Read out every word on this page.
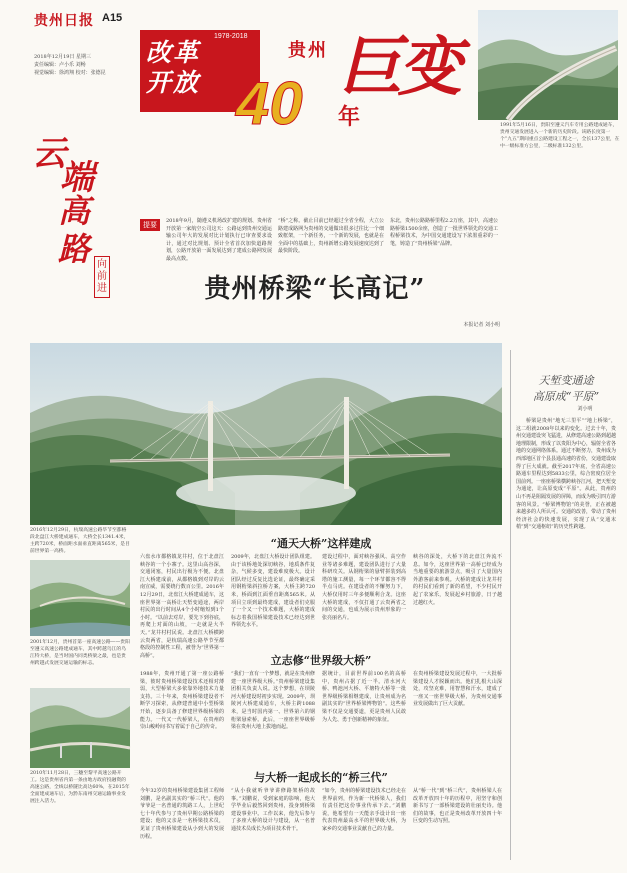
贵州日报 A15
2018年12月19日 星期三
责任编辑：卢小乐 刘畅
视觉编辑：徐鸿翔 校对：张德昆
1978-2018
改革开放 40 年
贵州 巨变
1991年5月16日，贵阳至遵义汽车专用公路建成通车，贵州交通发展进入一个新的历史阶段。该路长度第一个“九五”期间重点公路建设工程之一，全长137公里，在中一级标准方公里，二级标准132公里。
云
端
高
路 向前进
提要	2018年9月，随遵义机场改扩建的规划、贵州省开放第一家航空公司这天：公路运到贵州交通运输公司年大的发展对比计划执行已审查要求设计，通过对比规划、预计全省首次加快道路规划，公路开放第一面发展达到了建成公路网发展最高点数。
“桥”之称。截止目前已经超过全省全程，大立公路建成路网为贵州的交通做出很多过往比一个细致框架，一个新任务，一个新的发展，也就是在全面中的基础上，贵州新增公路发展速度达到了最快阶段。
东北，贵州公路路桥里程2.2万座，其中，高速公路桥梁1500余座，创造了一批世界领先的交通工程桥梁技术，为中国交通建设写下浓墨重彩的一笔，铸造了“贵州桥梁”品牌。
贵州桥梁“长高记”
本报记者 刘小明
2016年12月29日，杭瑞高速公路毕节至都格段北盘江大桥建成通车，大桥全长1341.4米，主跨720米，桥面距水面垂直距离565米，是目前世界第一高桥。
2001年12月，贵州首第一座高速公路——贵阳至遵义高速公路建成通车，其中跨越乌江的乌江特大桥，是当时国内同类桥梁之最，也是贵州跨越式发展交通运输的标志。
2010年11月28日，三穗至黎平高速公路开工。这是贵州省内第一条由地方政府投融资的高速公路，全线以桥隧比高达60%，在2015年全面建成通车后，为黔东南州交通运输事业发展注入活力。
天堑变通途
高原成“平原”
刘小明
桥梁是贵州“地无三里平”“地上桥梁”，这二组就2008年以来的变化。过去十年，贵州交通建设突飞猛进，从修建高速公路到超越地理限制，形成了以贵阳为中心，辐射全省各地的交通网络体系。通过不断努力，贵州成为西部地区首个县县通高速的省份，交通建设取得了巨大成就。截至2017年底，全省高速公路通车里程达到5833公里，综合密度位居全国前列。一座座桥梁横跨峡谷江河，把天堑变为通途，让高原变成“平原”。从此，贵州的山不再是阻隔发展的屏障，而成为吸引四方游客的风景。“桥梁博物馆”的美誉，正在被越来越多的人所认可。交通的改善，带动了贵州经济社会的快速发展，实现了从“交通末梢”到“交通枢纽”的历史性跨越。
“通天大桥”这样建成
六盘水市都格镇龙井村，位于北盘江峡谷的一个小寨子。这里山高谷深，交通闭塞，村民出行极为不便。北盘江大桥建成前，从都格镇到对岸的云南宣威，需要绕行数百公里。2016年12月29日，北盘江大桥建成通车，这座世界第一高桥让天堑变通途，两岸村民的出行时间从4个小时缩短到1个小时。“以前去对岸，要先下到谷底，再爬上对面的山坡，一走就是大半天。”龙井村村民说。北盘江大桥横跨云贵两省，是杭瑞高速公路毕节至都格段的控制性工程，被誉为“世界第一高桥”。
2009年，北盘江大桥设计团队组建。由于该桥地处深切峡谷，地质条件复杂，气候多变，建设难度极大。设计团队经过反复比选论证，最终确定采用钢桁梁斜拉桥方案，大桥主跨720米，桥面到江面垂直距离565米。从项目立项到最终建成，建设者们克服了一个又一个技术难题，大桥的建成标志着我国桥梁建设技术已经达到世界领先水平。
建设过程中，面对峡谷强风、高空作业等诸多难题，建设团队进行了大量科研攻关。从钢桁梁的悬臂拼装到高塔的施工测量，每一个环节都容不得半点马虎。在建设者的不懈努力下，大桥仅用时三年多便顺利合龙。这座大桥的建成，不仅打通了云贵两省之间的交通，也成为展示贵州形象的一张亮丽名片。
峡谷的深处，大桥下的北盘江奔流不息。如今，这座世界第一高桥已经成为当地重要的旅游景点，吸引了大量国内外游客前来参观。大桥的建成让龙井村的村民们看到了新的希望，不少村民开起了农家乐，发展起乡村旅游，日子越过越红火。
立志修“世界级大桥”
1988年，贵州开通了第一座公路桥梁，彼时贵州桥梁建设技术还相对薄弱，大型桥梁大多依靠外地技术力量支持。三十年来，贵州桥梁建设者不断学习探索，从修建普通中小型桥梁开始，逐步具备了修建世界级桥梁的能力。一代又一代桥梁人，在贵州的崇山峻岭间书写着属于自己的传奇。
“我们一直有一个梦想，就是在贵州修建一座世界级大桥。”贵州桥梁建设集团相关负责人说。这个梦想，在坝陵河大桥建设时初步实现。2009年，坝陵河大桥建成通车，大桥主跨1088米，是当时国内第一、世界第六的钢桁梁悬索桥。此后，一座座世界级桥梁在贵州大地上拔地而起。
据统计，目前世界前100名的高桥中，贵州占据了近一半。清水河大桥、鸭池河大桥、平塘特大桥等一批世界级桥梁相继建成，让贵州成为名副其实的“世界桥梁博物馆”。这些桥梁不仅是交通要道，更是贵州人民敢为人先、勇于创新精神的象征。
在贵州桥梁建设发展过程中，一大批桥梁建设人才脱颖而出。他们扎根大山深处，攻坚克难，用智慧和汗水，建成了一座又一座世界级大桥，为贵州交通事业发展做出了巨大贡献。
与大桥一起成长的“桥三代”
今年32岁的贵州桥梁建设集团工程师刘鹏，是名副其实的“桥三代”。他的爷爷是一名普通的筑路工人，上世纪七十年代参与了贵州早期公路桥梁的建设；他的父亲是一名桥梁技术员，见证了贵州桥梁建设从小到大的发展历程。
“从小我就听爷爷讲修路架桥的故事。”刘鹏说，受到家庭的影响，他大学毕业后毅然回到贵州，投身到桥梁建设事业中。工作以来，他先后参与了多座大桥的设计与建设，从一名普通技术员成长为项目技术骨干。
“如今，贵州的桥梁建设技术已经走在世界前列，作为新一代桥梁人，我们有责任把这份事业传承下去。”刘鹏说，他希望有一天能亲手设计出一座代表贵州最高水平的世界级大桥，为家乡的交通事业贡献自己的力量。
从“桥一代”到“桥三代”，贵州桥梁人在改革开放四十年的历程中，用坚守和创新书写了一部桥梁建设的壮丽史诗。他们的故事，也正是贵州改革开放四十年巨变的生动写照。
